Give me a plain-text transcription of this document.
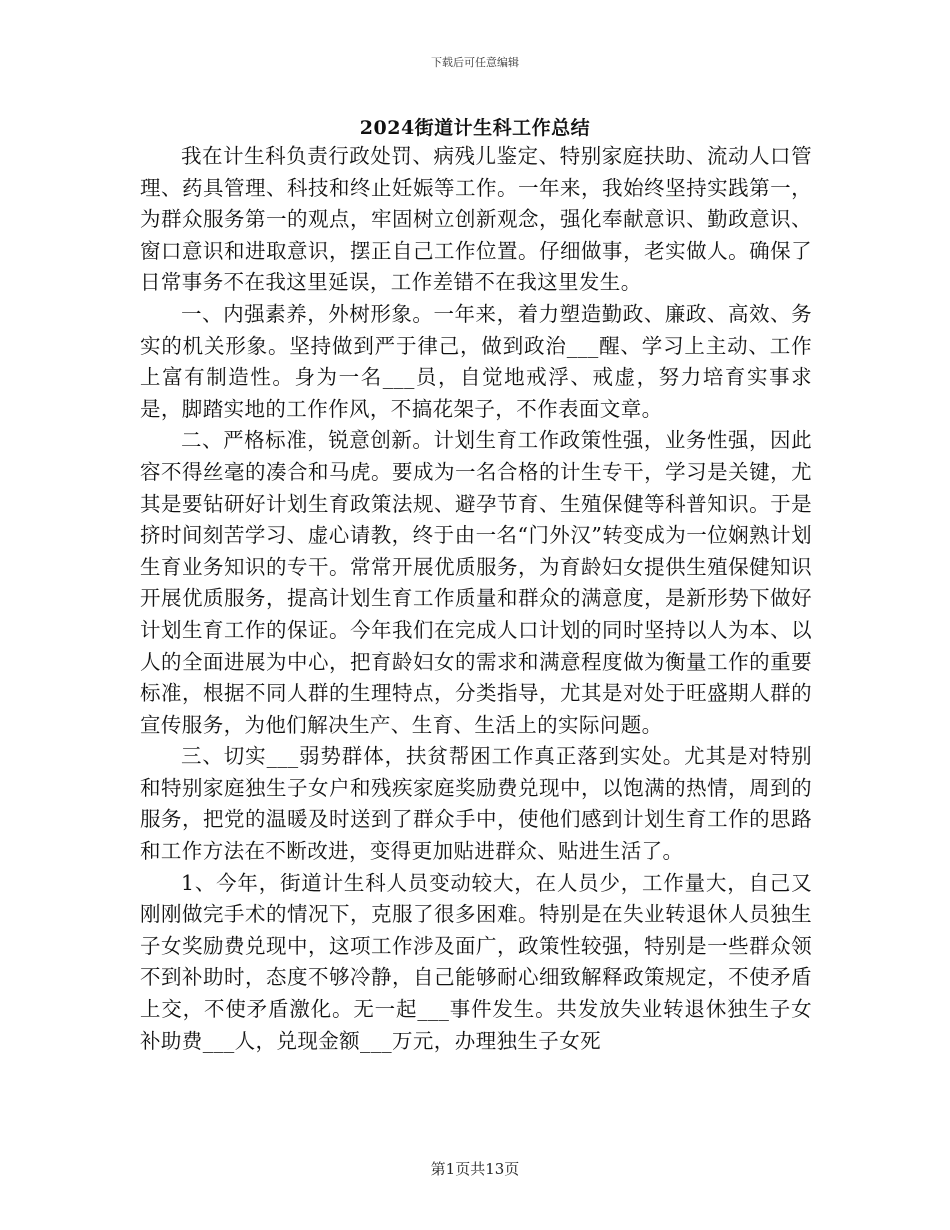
下载后可任意编辑
2024街道计生科工作总结

我在计生科负责行政处罚、病残儿鉴定、特别家庭扶助、流动人口管理、药具管理、科技和终止妊娠等工作。一年来，我始终坚持实践第一，为群众服务第一的观点，牢固树立创新观念，强化奉献意识、勤政意识、窗口意识和进取意识，摆正自己工作位置。仔细做事，老实做人。确保了日常事务不在我这里延误，工作差错不在我这里发生。

一、内强素养，外树形象。一年来，着力塑造勤政、廉政、高效、务实的机关形象。坚持做到严于律己，做到政治___醒、学习上主动、工作上富有制造性。身为一名___员，自觉地戒浮、戒虚，努力培育实事求是，脚踏实地的工作作风，不搞花架子，不作表面文章。

二、严格标准，锐意创新。计划生育工作政策性强，业务性强，因此容不得丝毫的凑合和马虎。要成为一名合格的计生专干，学习是关键，尤其是要钻研好计划生育政策法规、避孕节育、生殖保健等科普知识。于是挤时间刻苦学习、虚心请教，终于由一名“门外汉”转变成为一位娴熟计划生育业务知识的专干。常常开展优质服务，为育龄妇女提供生殖保健知识开展优质服务，提高计划生育工作质量和群众的满意度，是新形势下做好计划生育工作的保证。今年我们在完成人口计划的同时坚持以人为本、以人的全面进展为中心，把育龄妇女的需求和满意程度做为衡量工作的重要标准，根据不同人群的生理特点，分类指导，尤其是对处于旺盛期人群的宣传服务，为他们解决生产、生育、生活上的实际问题。

三、切实___弱势群体，扶贫帮困工作真正落到实处。尤其是对特别和特别家庭独生子女户和残疾家庭奖励费兑现中，以饱满的热情，周到的服务，把党的温暖及时送到了群众手中，使他们感到计划生育工作的思路和工作方法在不断改进，变得更加贴进群众、贴进生活了。

1、今年，街道计生科人员变动较大，在人员少，工作量大，自己又刚刚做完手术的情况下，克服了很多困难。特别是在失业转退休人员独生子女奖励费兑现中，这项工作涉及面广，政策性较强，特别是一些群众领不到补助时，态度不够冷静，自己能够耐心细致解释政策规定，不使矛盾上交，不使矛盾激化。无一起___事件发生。共发放失业转退休独生子女补助费___人，兑现金额___万元，办理独生子女死

第1页共13页
